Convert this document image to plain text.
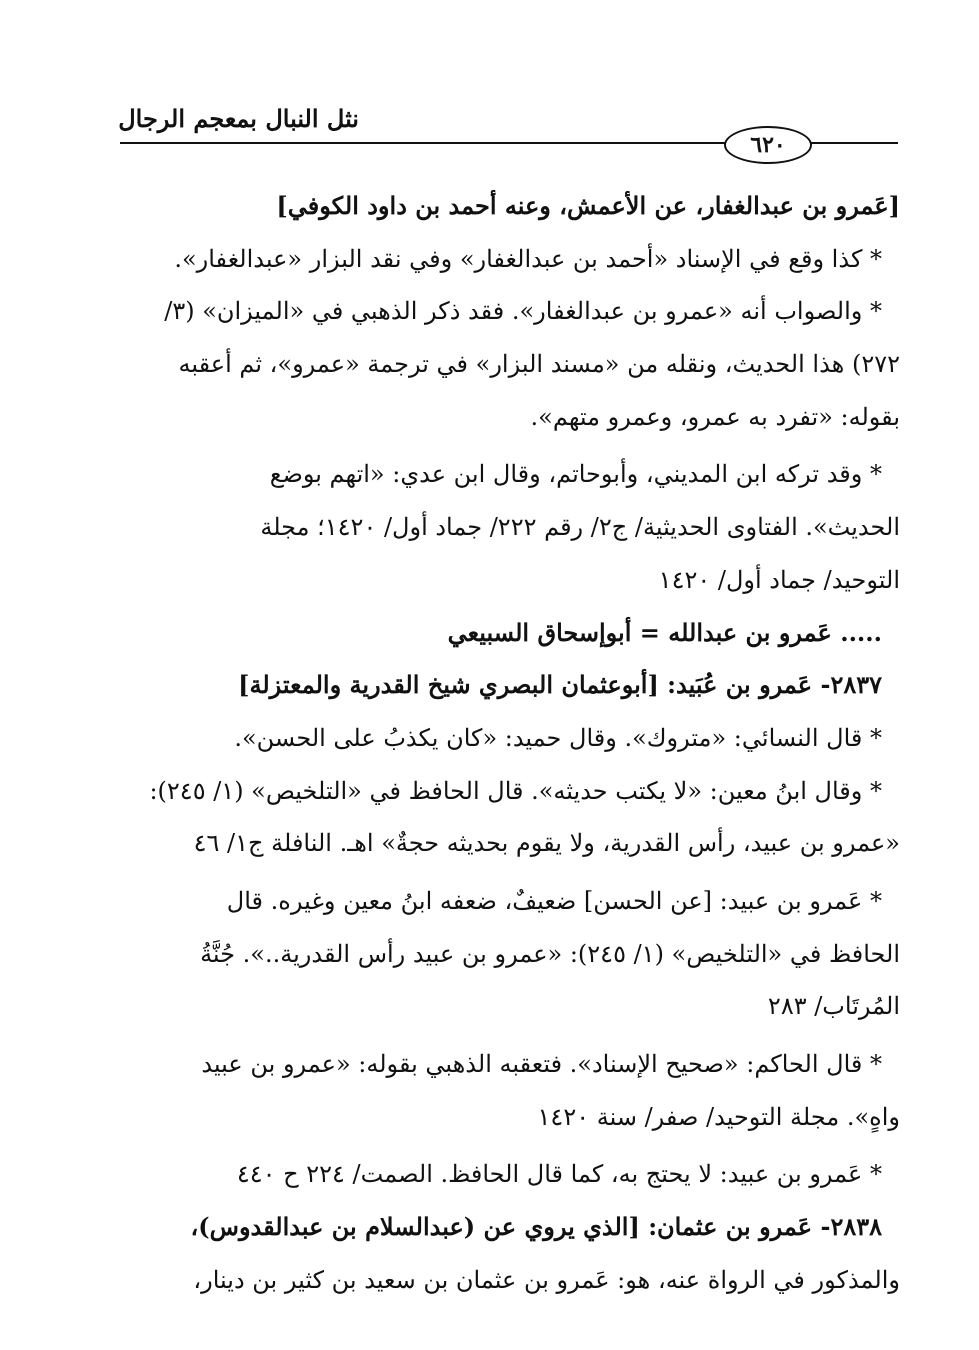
نثل النبال بمعجم الرجال
٦٢٠
[عَمرو بن عبدالغفار، عن الأعمش، وعنه أحمد بن داود الكوفي]
* كذا وقع في الإسناد «أحمد بن عبدالغفار» وفي نقد البزار «عبدالغفار».
* والصواب أنه «عمرو بن عبدالغفار». فقد ذكر الذهبي في «الميزان» (٣/
٢٧٢) هذا الحديث، ونقله من «مسند البزار» في ترجمة «عمرو»، ثم أعقبه
بقوله: «تفرد به عمرو، وعمرو متهم».
* وقد تركه ابن المديني، وأبوحاتم، وقال ابن عدي: «اتهم بوضع
الحديث». الفتاوى الحديثية/ ج٢/ رقم ٢٢٢/ جماد أول/ ١٤٢٠؛ مجلة
التوحيد/ جماد أول/ ١٤٢٠
..... عَمرو بن عبدالله = أبوإسحاق السبيعي
٢٨٣٧- عَمرو بن عُبَيد: [أبوعثمان البصري شيخ القدرية والمعتزلة]
* قال النسائي: «متروك». وقال حميد: «كان يكذبُ على الحسن».
* وقال ابنُ معين: «لا يكتب حديثه». قال الحافظ في «التلخيص» (١/ ٢٤٥):
«عمرو بن عبيد، رأس القدرية، ولا يقوم بحديثه حجةٌ» اهـ. النافلة ج١/ ٤٦
* عَمرو بن عبيد: [عن الحسن] ضعيفٌ، ضعفه ابنُ معين وغيره. قال
الحافظ في «التلخيص» (١/ ٢٤٥): «عمرو بن عبيد رأس القدرية..». جُنَّةُ
المُرتَاب/ ٢٨٣
* قال الحاكم: «صحيح الإسناد». فتعقبه الذهبي بقوله: «عمرو بن عبيد
واهٍ». مجلة التوحيد/ صفر/ سنة ١٤٢٠
* عَمرو بن عبيد: لا يحتج به، كما قال الحافظ. الصمت/ ٢٢٤ ح ٤٤٠
٢٨٣٨- عَمرو بن عثمان: [الذي يروي عن (عبدالسلام بن عبدالقدوس)،
والمذكور في الرواة عنه، هو: عَمرو بن عثمان بن سعيد بن كثير بن دينار،
